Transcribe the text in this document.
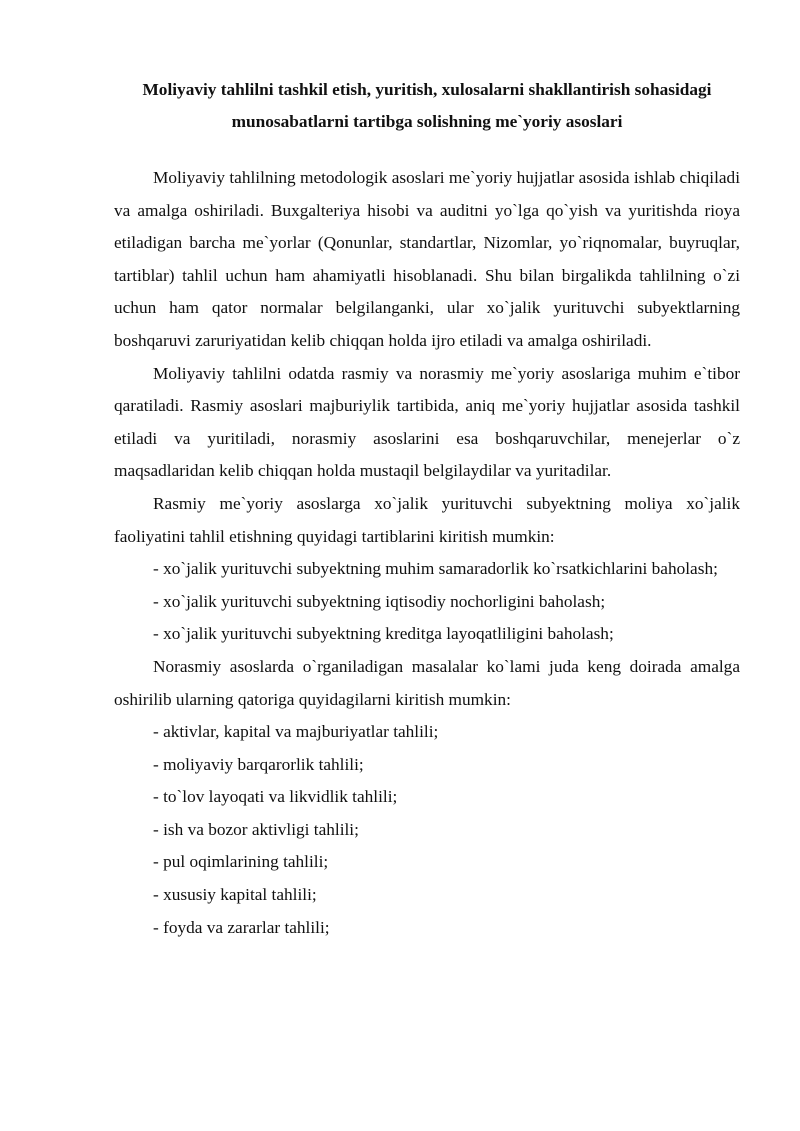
Moliyaviy tahlilni tashkil etish, yuritish, xulosalarni shakllantirish sohasidagi
munosabatlarni tartibga solishning me`yoriy asoslari

Moliyaviy tahlilning metodologik asoslari me`yoriy hujjatlar asosida ishlab chiqiladi va amalga oshiriladi. Buxgalteriya hisobi va auditni yo`lga qo`yish va yuritishda rioya etiladigan barcha me`yorlar (Qonunlar, standartlar, Nizomlar, yo`riqnomalar, buyruqlar, tartiblar) tahlil uchun ham ahamiyatli hisoblanadi. Shu bilan birgalikda tahlilning o`zi uchun ham qator normalar belgilanganki, ular xo`jalik yurituvchi subyektlarning boshqaruvi zaruriyatidan kelib chiqqan holda ijro etiladi va amalga oshiriladi.

Moliyaviy tahlilni odatda rasmiy va norasmiy me`yoriy asoslariga muhim e`tibor qaratiladi. Rasmiy asoslari majburiylik tartibida, aniq me`yoriy hujjatlar asosida tashkil etiladi va yuritiladi, norasmiy asoslarini esa boshqaruvchilar, menejerlar o`z maqsadlaridan kelib chiqqan holda mustaqil belgilaydilar va yuritadilar.

Rasmiy me`yoriy asoslarga xo`jalik yurituvchi subyektning moliya xo`jalik faoliyatini tahlil etishning quyidagi tartiblarini kiritish mumkin:

- xo`jalik yurituvchi subyektning muhim samaradorlik ko`rsatkichlarini baholash;

- xo`jalik yurituvchi subyektning iqtisodiy nochorligini baholash;

- xo`jalik yurituvchi subyektning kreditga layoqatliligini baholash;

Norasmiy asoslarda o`rganiladigan masalalar ko`lami juda keng doirada amalga oshirilib ularning qatoriga quyidagilarni kiritish mumkin:

- aktivlar, kapital va majburiyatlar tahlili;

- moliyaviy barqarorlik tahlili;

- to`lov layoqati va likvidlik tahlili;

- ish va bozor aktivligi tahlili;

- pul oqimlarining tahlili;

- xususiy kapital tahlili;

- foyda va zararlar tahlili;
